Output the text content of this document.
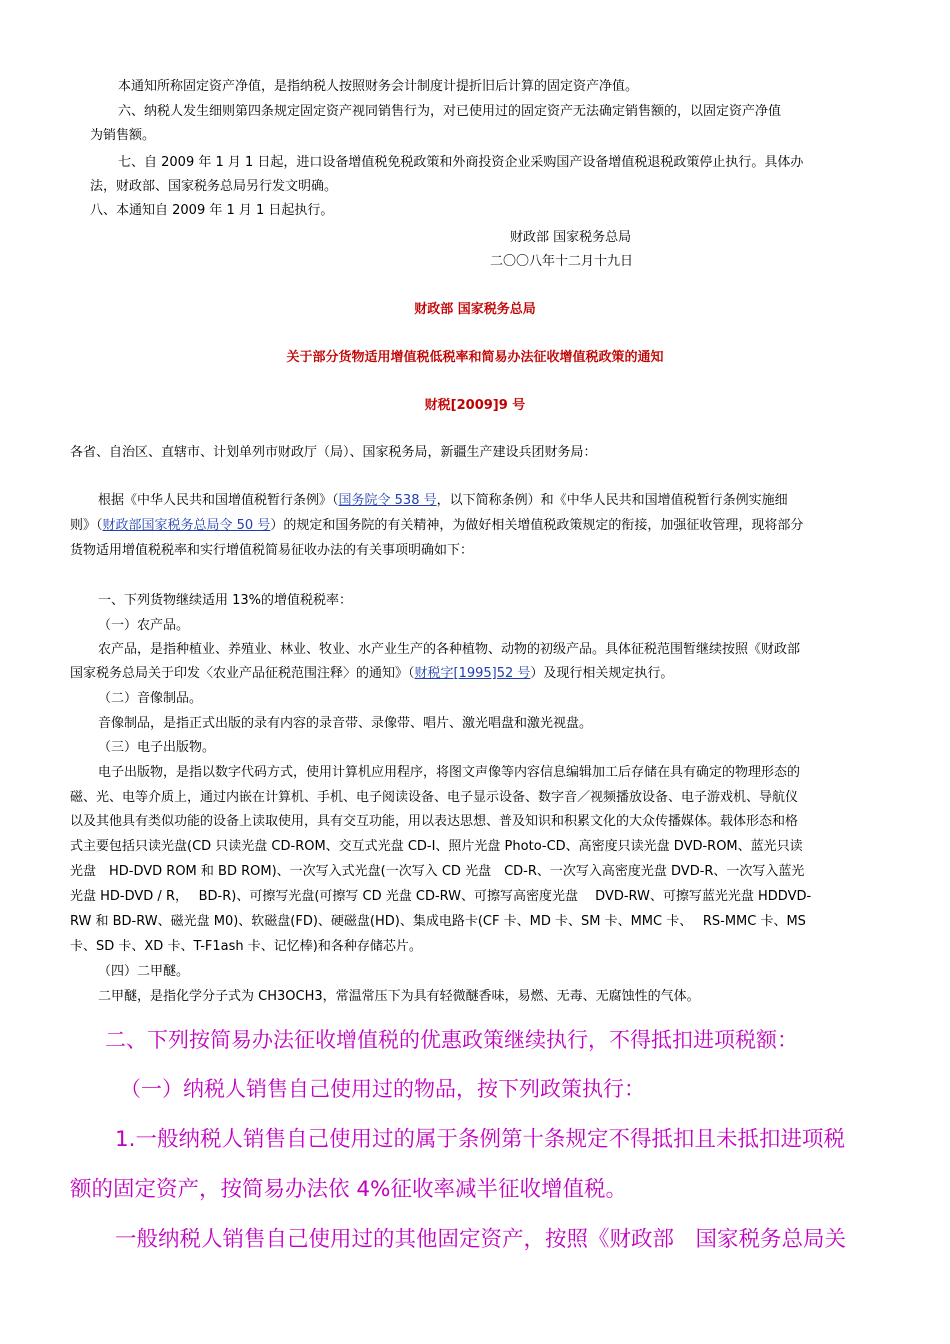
本通知所称固定资产净值，是指纳税人按照财务会计制度计提折旧后计算的固定资产净值。

六、纳税人发生细则第四条规定固定资产视同销售行为，对已使用过的固定资产无法确定销售额的，以固定资产净值

为销售额。

七、自 2009 年 1 月 1 日起，进口设备增值税免税政策和外商投资企业采购国产设备增值税退税政策停止执行。具体办

法，财政部、国家税务总局另行发文明确。

八、本通知自 2009 年 1 月 1 日起执行。

财政部 国家税务总局

二〇〇八年十二月十九日

财政部 国家税务总局

关于部分货物适用增值税低税率和简易办法征收增值税政策的通知

财税[2009]9 号

各省、自治区、直辖市、计划单列市财政厅（局）、国家税务局，新疆生产建设兵团财务局：

根据《中华人民共和国增值税暂行条例》（国务院令 538 号，以下简称条例）和《中华人民共和国增值税暂行条例实施细

则》（财政部国家税务总局令 50 号）的规定和国务院的有关精神，为做好相关增值税政策规定的衔接，加强征收管理，现将部分

货物适用增值税税率和实行增值税简易征收办法的有关事项明确如下：

一、下列货物继续适用 13%的增值税税率：

（一）农产品。

农产品，是指种植业、养殖业、林业、牧业、水产业生产的各种植物、动物的初级产品。具体征税范围暂继续按照《财政部

国家税务总局关于印发〈农业产品征税范围注释〉的通知》（财税字[1995]52 号）及现行相关规定执行。

（二）音像制品。

音像制品，是指正式出版的录有内容的录音带、录像带、唱片、激光唱盘和激光视盘。

（三）电子出版物。

电子出版物，是指以数字代码方式，使用计算机应用程序，将图文声像等内容信息编辑加工后存储在具有确定的物理形态的

磁、光、电等介质上，通过内嵌在计算机、手机、电子阅读设备、电子显示设备、数字音／视频播放设备、电子游戏机、导航仪

以及其他具有类似功能的设备上读取使用，具有交互功能，用以表达思想、普及知识和积累文化的大众传播媒体。载体形态和格

式主要包括只读光盘(CD 只读光盘 CD-ROM、交互式光盘 CD-I、照片光盘 Photo-CD、高密度只读光盘 DVD-ROM、蓝光只读

光盘　HD-DVD ROM 和 BD ROM)、一次写入式光盘(一次写入 CD 光盘　CD-R、一次写入高密度光盘 DVD-R、一次写入蓝光

光盘 HD-DVD / R，　 BD-R)、可擦写光盘(可擦写 CD 光盘 CD-RW、可擦写高密度光盘　 DVD-RW、可擦写蓝光光盘 HDDVD-

RW 和 BD-RW、磁光盘 M0)、软磁盘(FD)、硬磁盘(HD)、集成电路卡(CF 卡、MD 卡、SM 卡、MMC 卡、　 RS-MMC 卡、MS

卡、SD 卡、XD 卡、T-F1ash 卡、记忆棒)和各种存储芯片。

（四）二甲醚。

二甲醚，是指化学分子式为 CH3OCH3，常温常压下为具有轻微醚香味，易燃、无毒、无腐蚀性的气体。

二、下列按简易办法征收增值税的优惠政策继续执行，不得抵扣进项税额：

（一）纳税人销售自己使用过的物品，按下列政策执行：

1.一般纳税人销售自己使用过的属于条例第十条规定不得抵扣且未抵扣进项税

额的固定资产，按简易办法依 4%征收率减半征收增值税。

一般纳税人销售自己使用过的其他固定资产，按照《财政部　国家税务总局关
